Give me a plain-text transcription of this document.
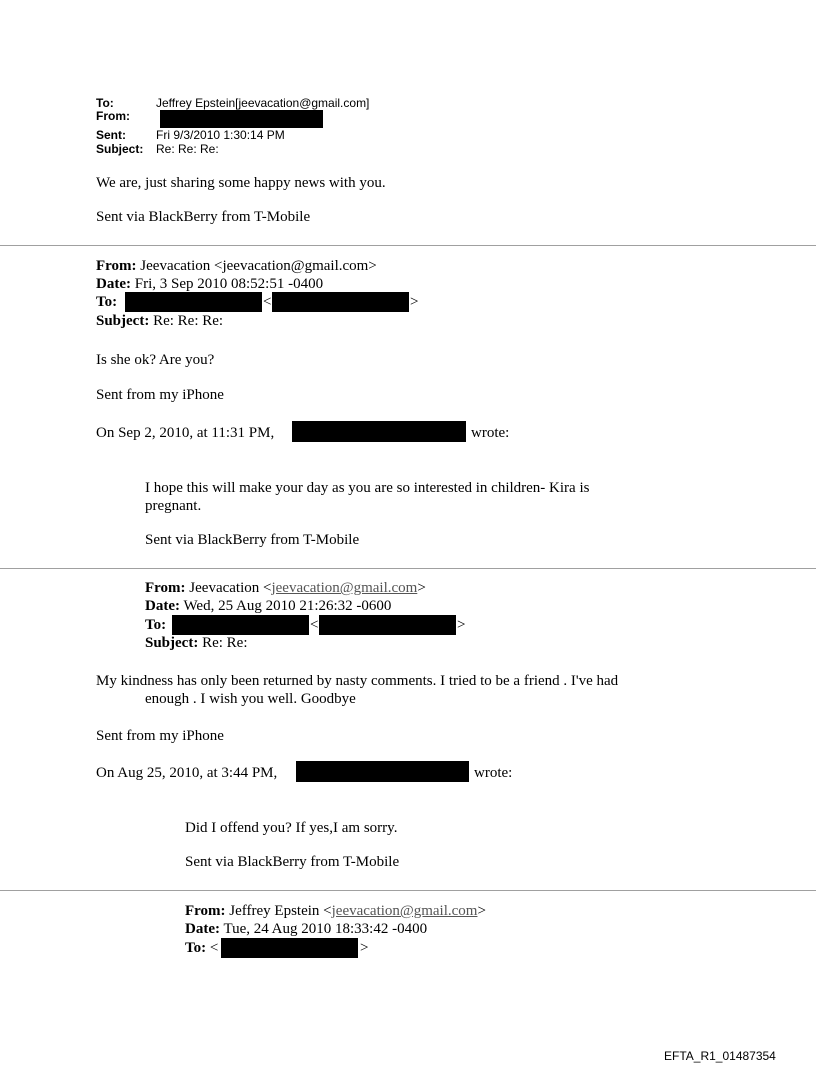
To:	Jeffrey Epstein[jeevacation@gmail.com]
From:
Sent:	Fri 9/3/2010 1:30:14 PM
Subject: Re: Re: Re:
We are, just sharing some happy news with you.
Sent via BlackBerry from T-Mobile
From: Jeevacation <jeevacation@gmail.com>
Date: Fri, 3 Sep 2010 08:52:51 -0400
To:	<	>
Subject: Re: Re: Re:
Is she ok? Are you?
Sent from my iPhone
On Sep 2, 2010, at 11:31 PM,	wrote:
I hope this will make your day as you are so interested in children- Kira is
pregnant.
Sent via BlackBerry from T-Mobile
From: Jeevacation <jeevacation@gmail.com>
Date: Wed, 25 Aug 2010 21:26:32 -0600
To:	<	>
Subject: Re: Re:
My kindness has only been returned by nasty comments. I tried to be a friend . I've had
enough . I wish you well. Goodbye
Sent from my iPhone
On Aug 25, 2010, at 3:44 PM,	wrote:
Did I offend you? If yes,I am sorry.
Sent via BlackBerry from T-Mobile
From: Jeffrey Epstein <jeevacation@gmail.com>
Date: Tue, 24 Aug 2010 18:33:42 -0400
To: <	>
EFTA_R1_01487354
